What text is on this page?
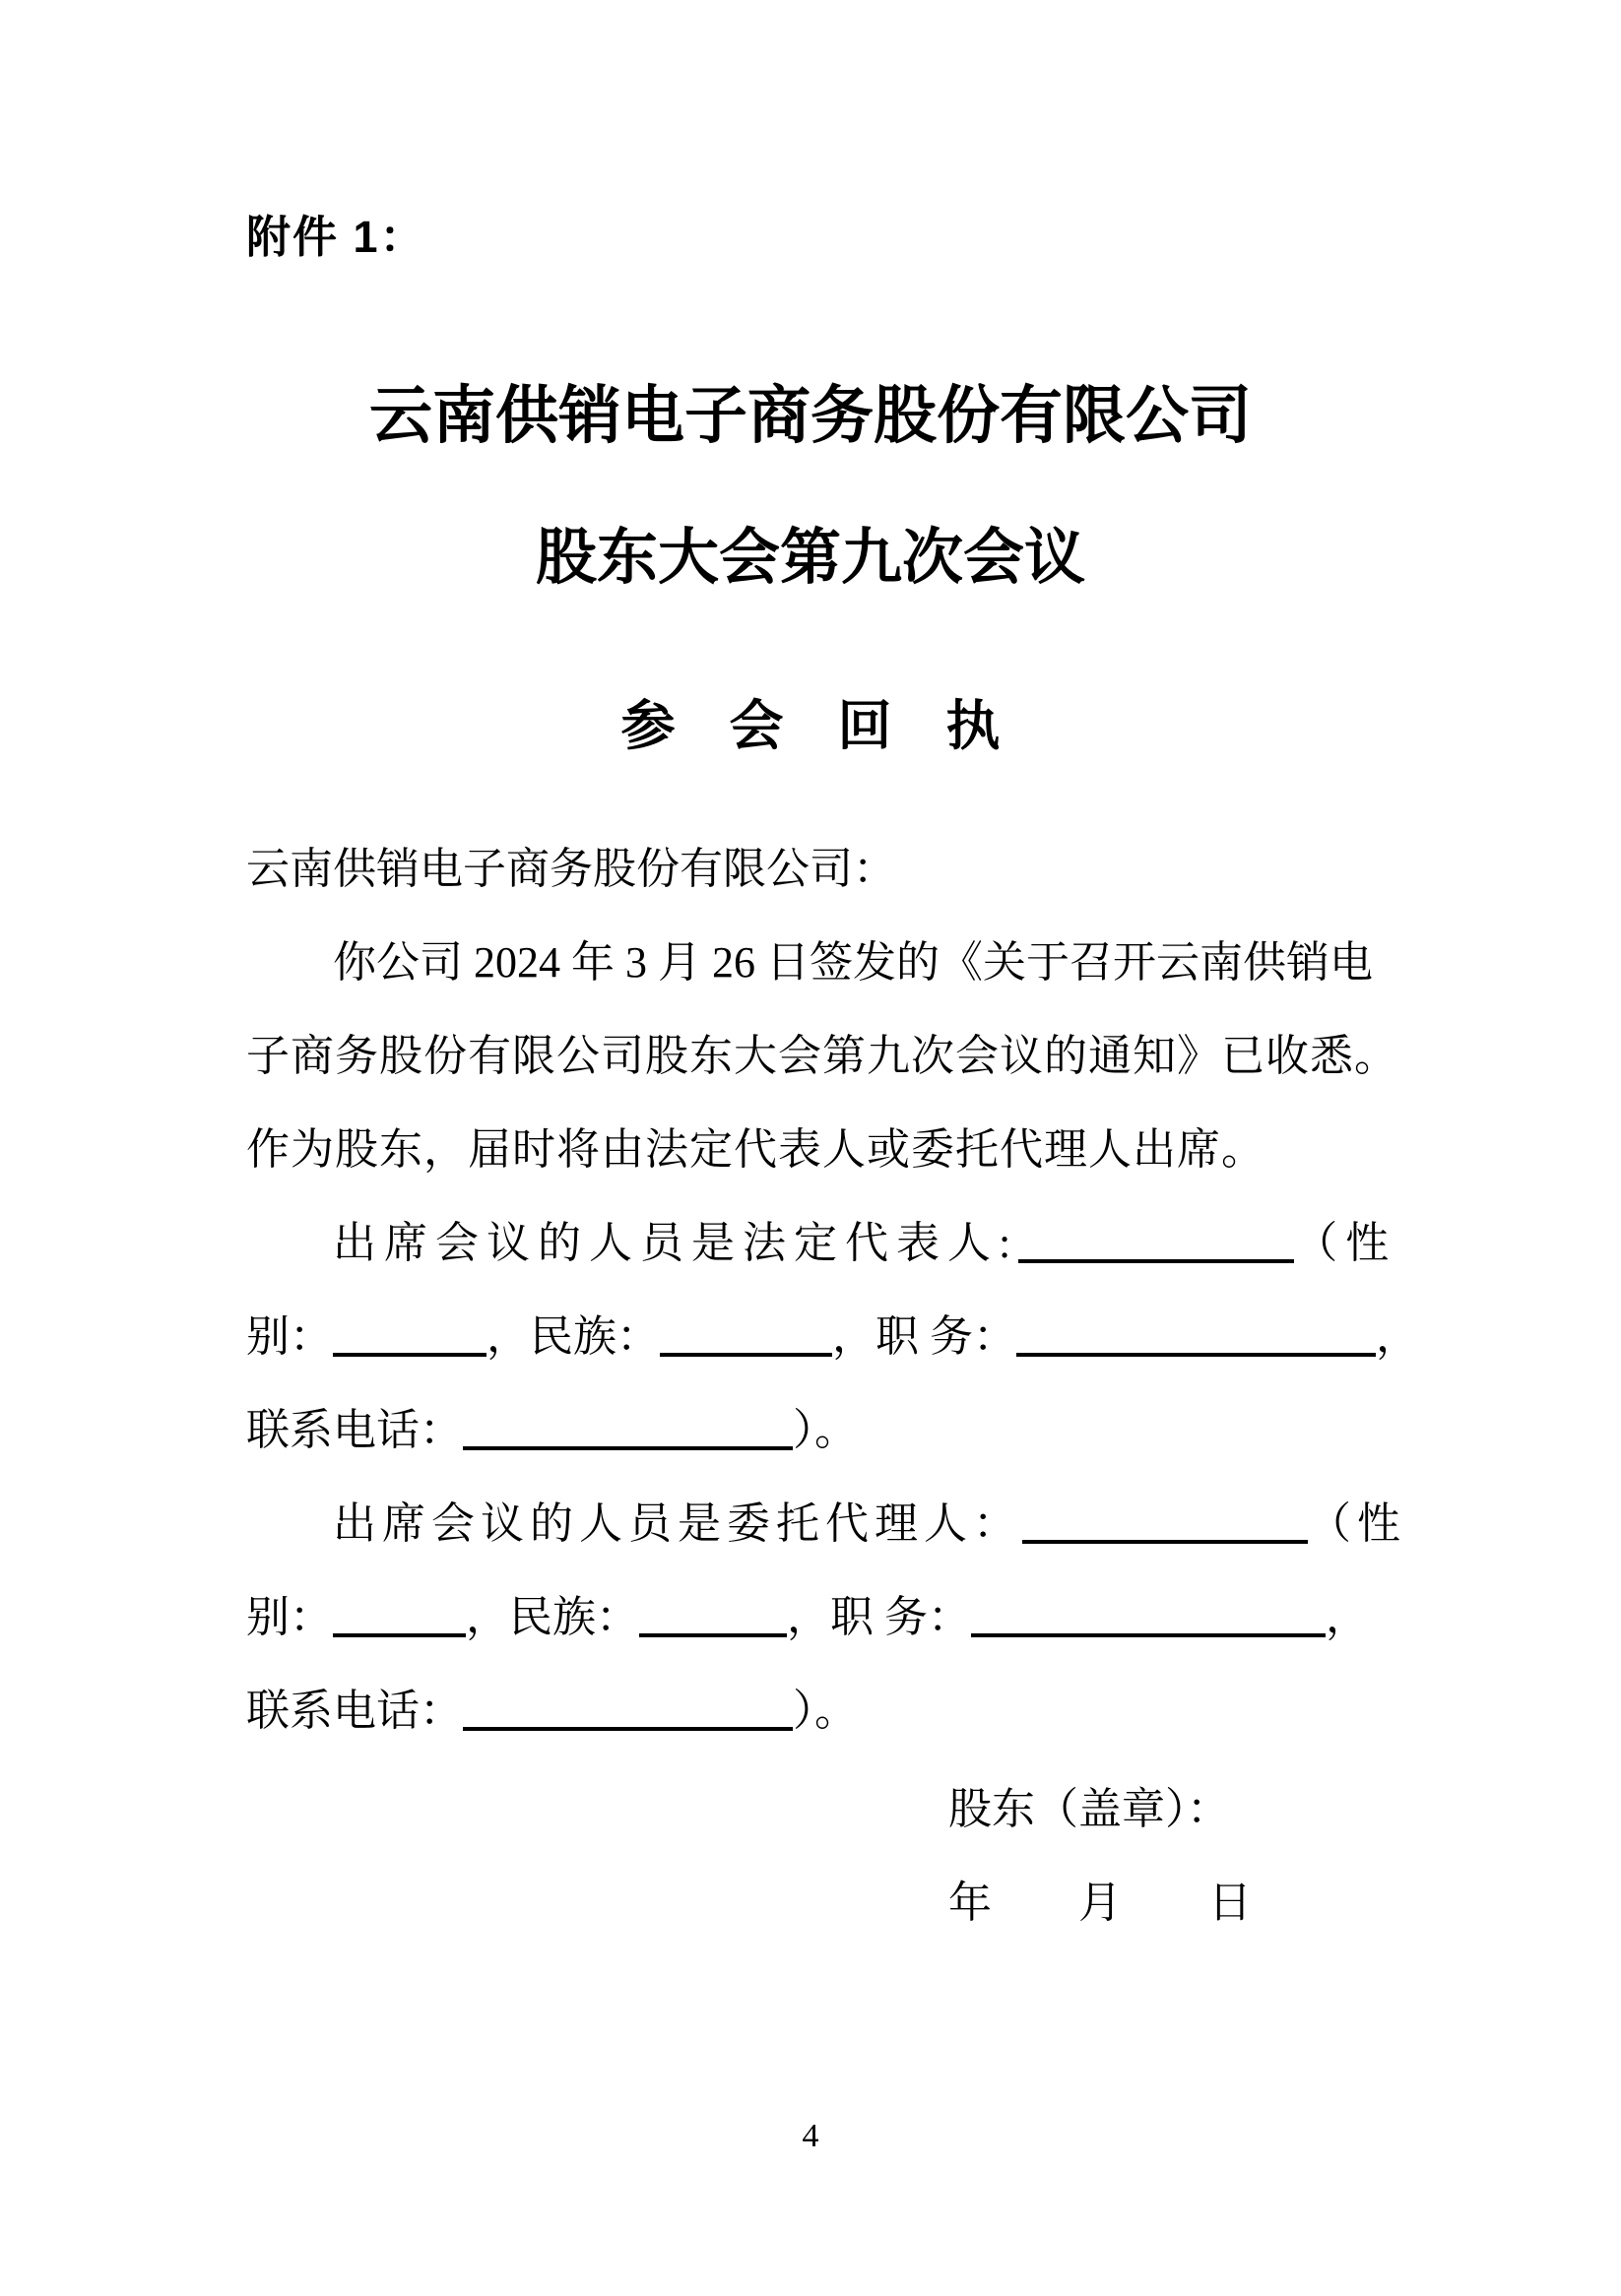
附件 1：
云南供销电子商务股份有限公司
股东大会第九次会议
参　会　回　执
云南供销电子商务股份有限公司：
你公司 2024 年 3 月 26 日签发的《关于召开云南供销电
子商务股份有限公司股东大会第九次会议的通知》已收悉。
作为股东，届时将由法定代表人或委托代理人出席。
出席会议的人员是法定代表人:	（性
别：	，民族：	，职 务：	，
联系电话：	）。
出席会议的人员是委托代理人：	（性
别：	，民族：	，职 务：	，
联系电话：	）。
股东（盖章）：
年　　月　　日
4
